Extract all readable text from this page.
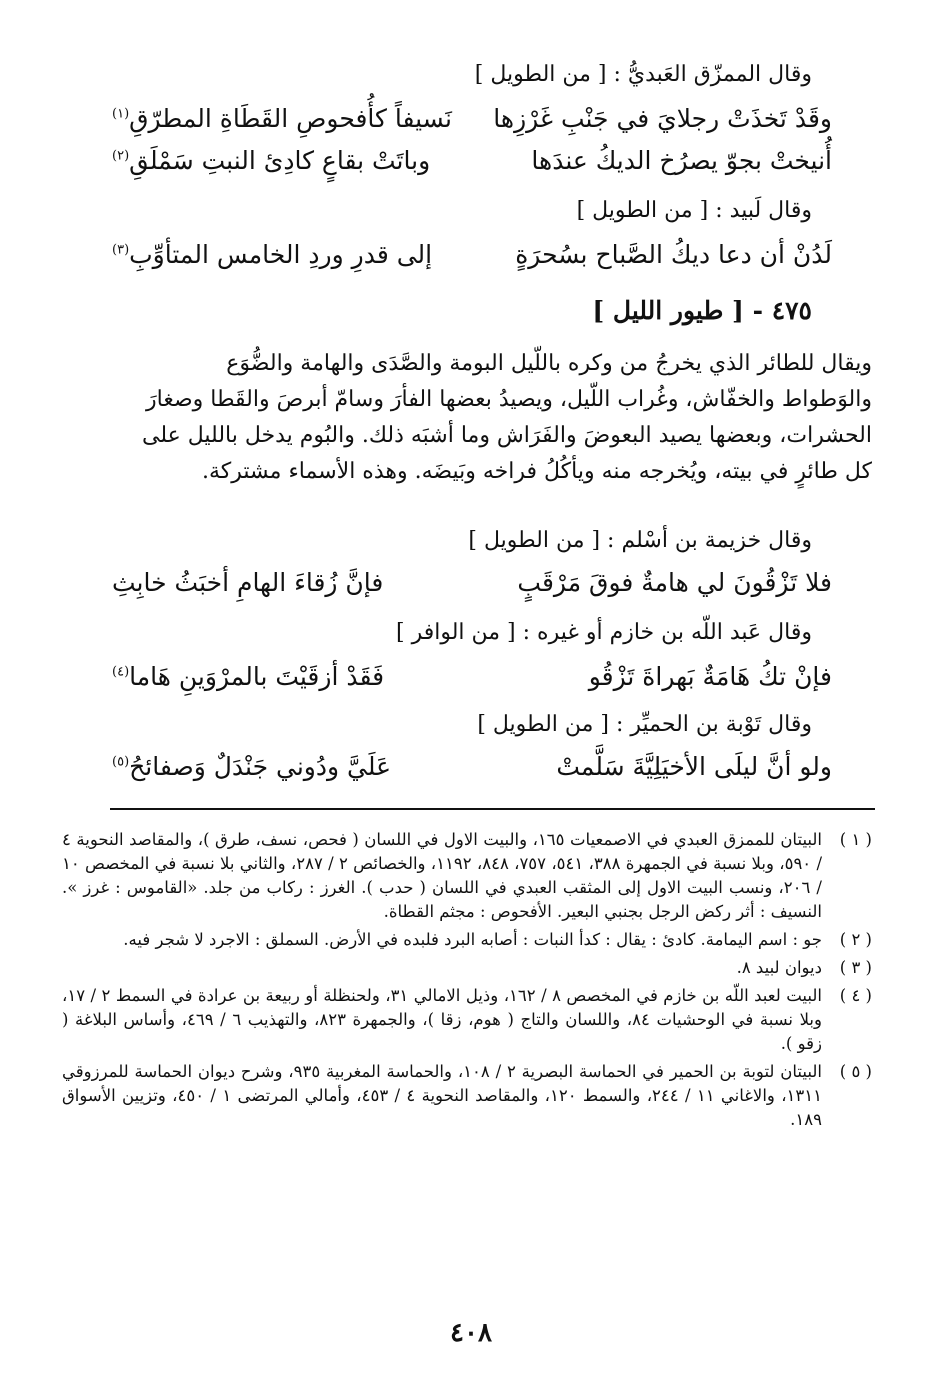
وقال الممزّق العَبديُّ : [ من الطويل ]
وقَدْ تَخذَتْ رجلايَ في جَنْبِ غَرْزِها
نَسيفاً كأُفحوصِ القَطَاةِ المطرّقِ$^{(١)}$
أُنيختْ بجوّ يصرُخ الديكُ عندَها
وباتَتْ بقاعٍ كادِئ النبتِ سَمْلَقِ$^{(٢)}$
وقال لَبيد : [ من الطويل ]
لَدُنْ أن دعا ديكُ الصَّباح بسُحرَةٍ
إلى قدرِ وردِ الخامس المتأوِّبِ$^{(٣)}$
٤٧٥ - [ طيور الليل ]

ويقال للطائر الذي يخرجُ من وكره باللّيل البومة والصَّدَى والهامة والضُّوَع

والوَطواط والخفّاش، وغُراب اللّيل، ويصيدُ بعضها الفأرَ وسامّ أبرصَ والقَطا وصغارَ

الحشرات، وبعضها يصيد البعوضَ والفَرَاش وما أشبَه ذلك. والبُوم يدخل بالليل على

كل طائرٍ في بيته، ويُخرجه منه ويأكُلُ فراخه وبَيضَه. وهذه الأسماء مشتركة.

وقال خزيمة بن أسْلم : [ من الطويل ]
فلا تَزْقُونَ لي هامةٌ فوقَ مَرْقَبٍ
فإنَّ زُقاءَ الهامِ أخبَثُ خابِثِ
وقال عَبد اللّه بن خازم أو غيره : [ من الوافر ]
فإنْ تكُ هَامَةٌ بَهراةَ تَزْقُو
فَقَدْ أزقَيْتَ بالمرْوَينِ هَاما$^{(٤)}$
وقال تَوْبة بن الحميِّر : [ من الطويل ]
ولو أنَّ ليلَى الأخيَلِيَّةَ سَلَّمتْ
عَلَيَّ ودُوني جَنْدَلٌ وَصفائحُ$^{(٥)}$
( ١ )
البيتان للممزق العبدي في الاصمعيات ١٦٥، والبيت الاول في اللسان ( فحص، نسف، طرق )، والمقاصد النحوية ٤ / ٥٩٠، وبلا نسبة في الجمهرة ٣٨٨، ٥٤١، ٧٥٧، ٨٤٨، ١١٩٢، والخصائص ٢ / ٢٨٧، والثاني بلا نسبة في المخصص ١٠ / ٢٠٦، ونسب البيت الاول إلى المثقب العبدي في اللسان ( حدب ). الغرز : ركاب من جلد. «القاموس : غرز ». النسيف : أثر ركض الرجل بجنبي البعير. الأفحوص : مجثم القطاة.
( ٢ )
جو : اسم اليمامة. كادئ : يقال : كدأ النبات : أصابه البرد فلبده في الأرض. السملق : الاجرد لا شجر فيه.
( ٣ )
ديوان لبيد ٨.
( ٤ )
البيت لعبد اللّه بن خازم في المخصص ٨ / ١٦٢، وذيل الامالي ٣١، ولحنظلة أو ربيعة بن عرادة في السمط ٢ / ١٧، وبلا نسبة في الوحشيات ٨٤، واللسان والتاج ( هوم، زقا )، والجمهرة ٨٢٣، والتهذيب ٦ / ٤٦٩، وأساس البلاغة ( زقو ).
( ٥ )
البيتان لتوبة بن الحمير في الحماسة البصرية ٢ / ١٠٨، والحماسة المغربية ٩٣٥، وشرح ديوان الحماسة للمرزوقي ١٣١١، والاغاني ١١ / ٢٤٤، والسمط ١٢٠، والمقاصد النحوية ٤ / ٤٥٣، وأمالي المرتضى ١ / ٤٥٠، وتزيين الأسواق ١٨٩.
٤٠٨
